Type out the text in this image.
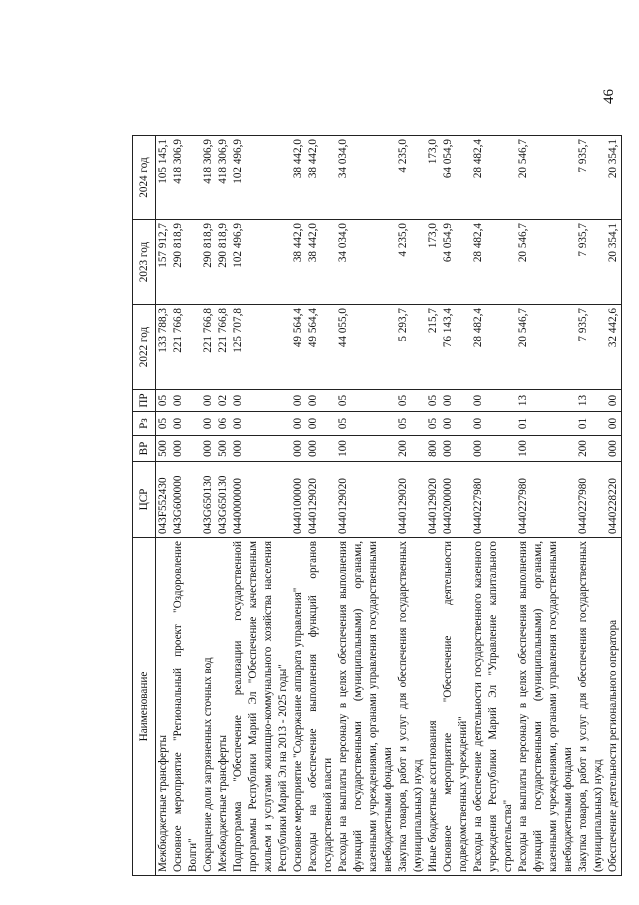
46
Наименование	ЦСР	ВР	Рз	ПР	2022 год	2023 год	2024 год
Межбюджетные трансферты	043F552430	500	05	05	133 788,3	157 912,7	105 145,1
Основное мероприятие "Региональный проект "Оздоровление Волги"	043G600000	000	00	00	221 766,8	290 818,9	418 306,9
Сокращение доли загрязненных сточных вод	043G650130	000	00	00	221 766,8	290 818,9	418 306,9
Межбюджетные трансферты	043G650130	500	06	02	221 766,8	290 818,9	418 306,9
Подпрограмма "Обеспечение реализации государственной программы Республики Марий Эл "Обеспечение качественным жильем и услугами жилищно-коммунального хозяйства населения Республики Марий Эл на 2013 - 2025 годы"	0440000000	000	00	00	125 707,8	102 496,9	102 496,9
Основное мероприятие "Содержание аппарата управления"	0440100000	000	00	00	49 564,4	38 442,0	38 442,0
Расходы на обеспечение выполнения функций органов государственной власти	0440129020	000	00	00	49 564,4	38 442,0	38 442,0
Расходы на выплаты персоналу в целях обеспечения выполнения функций государственными (муниципальными) органами, казенными учреждениями, органами управления государственными внебюджетными фондами	0440129020	100	05	05	44 055,0	34 034,0	34 034,0
Закупка товаров, работ и услуг для обеспечения государственных (муниципальных) нужд	0440129020	200	05	05	5 293,7	4 235,0	4 235,0
Иные бюджетные ассигнования	0440129020	800	05	05	215,7	173,0	173,0
Основное мероприятие "Обеспечение деятельности подведомственных учреждений"	0440200000	000	00	00	76 143,4	64 054,9	64 054,9
Расходы на обеспечение деятельности государственного казенного учреждения Республики Марий Эл "Управление капитального строительства"	0440227980	000	00	00	28 482,4	28 482,4	28 482,4
Расходы на выплаты персоналу в целях обеспечения выполнения функций государственными (муниципальными) органами, казенными учреждениями, органами управления государственными внебюджетными фондами	0440227980	100	01	13	20 546,7	20 546,7	20 546,7
Закупка товаров, работ и услуг для обеспечения государственных (муниципальных) нужд	0440227980	200	01	13	7 935,7	7 935,7	7 935,7
Обеспечение деятельности регионального оператора	0440228220	000	00	00	32 442,6	20 354,1	20 354,1
